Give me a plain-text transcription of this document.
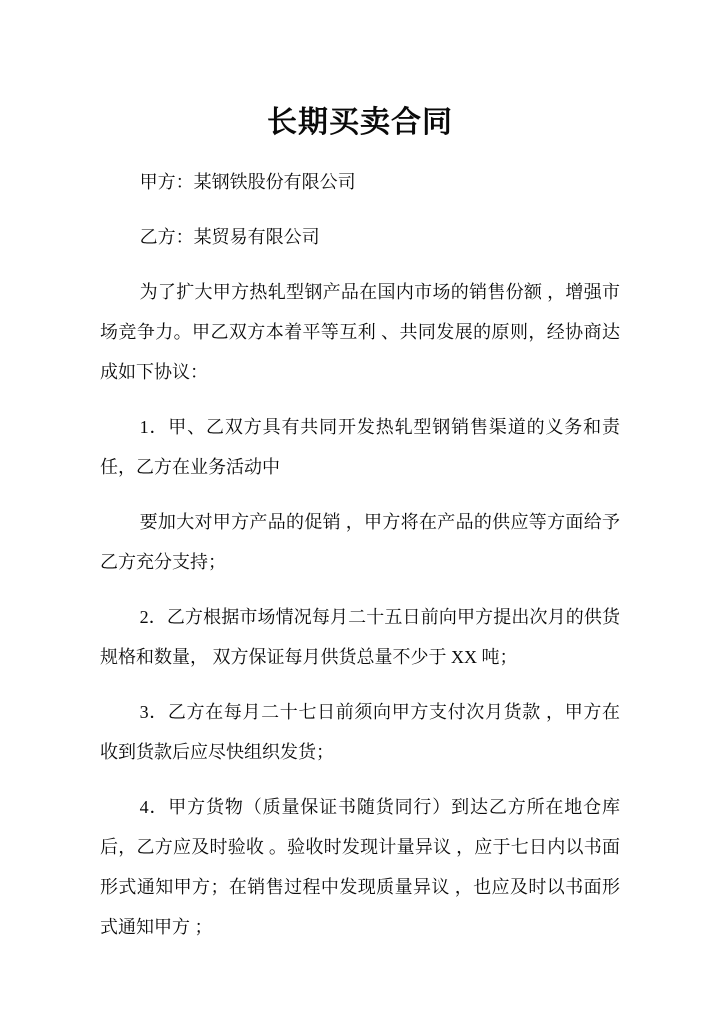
长期买卖合同

甲方：某钢铁股份有限公司

乙方：某贸易有限公司

为了扩大甲方热轧型钢产品在国内市场的销售份额 ，增强市场竞争力。甲乙双方本着平等互利 、共同发展的原则，经协商达成如下协议：

1．甲、乙双方具有共同开发热轧型钢销售渠道的义务和责任，乙方在业务活动中

要加大对甲方产品的促销 ，甲方将在产品的供应等方面给予乙方充分支持；

2．乙方根据市场情况每月二十五日前向甲方提出次月的供货规格和数量， 双方保证每月供货总量不少于 XX 吨；

3．乙方在每月二十七日前须向甲方支付次月货款 ，甲方在收到货款后应尽快组织发货；

4．甲方货物（质量保证书随货同行）到达乙方所在地仓库后，乙方应及时验收 。验收时发现计量异议 ，应于七日内以书面形式通知甲方；在销售过程中发现质量异议 ，也应及时以书面形式通知甲方 ；
